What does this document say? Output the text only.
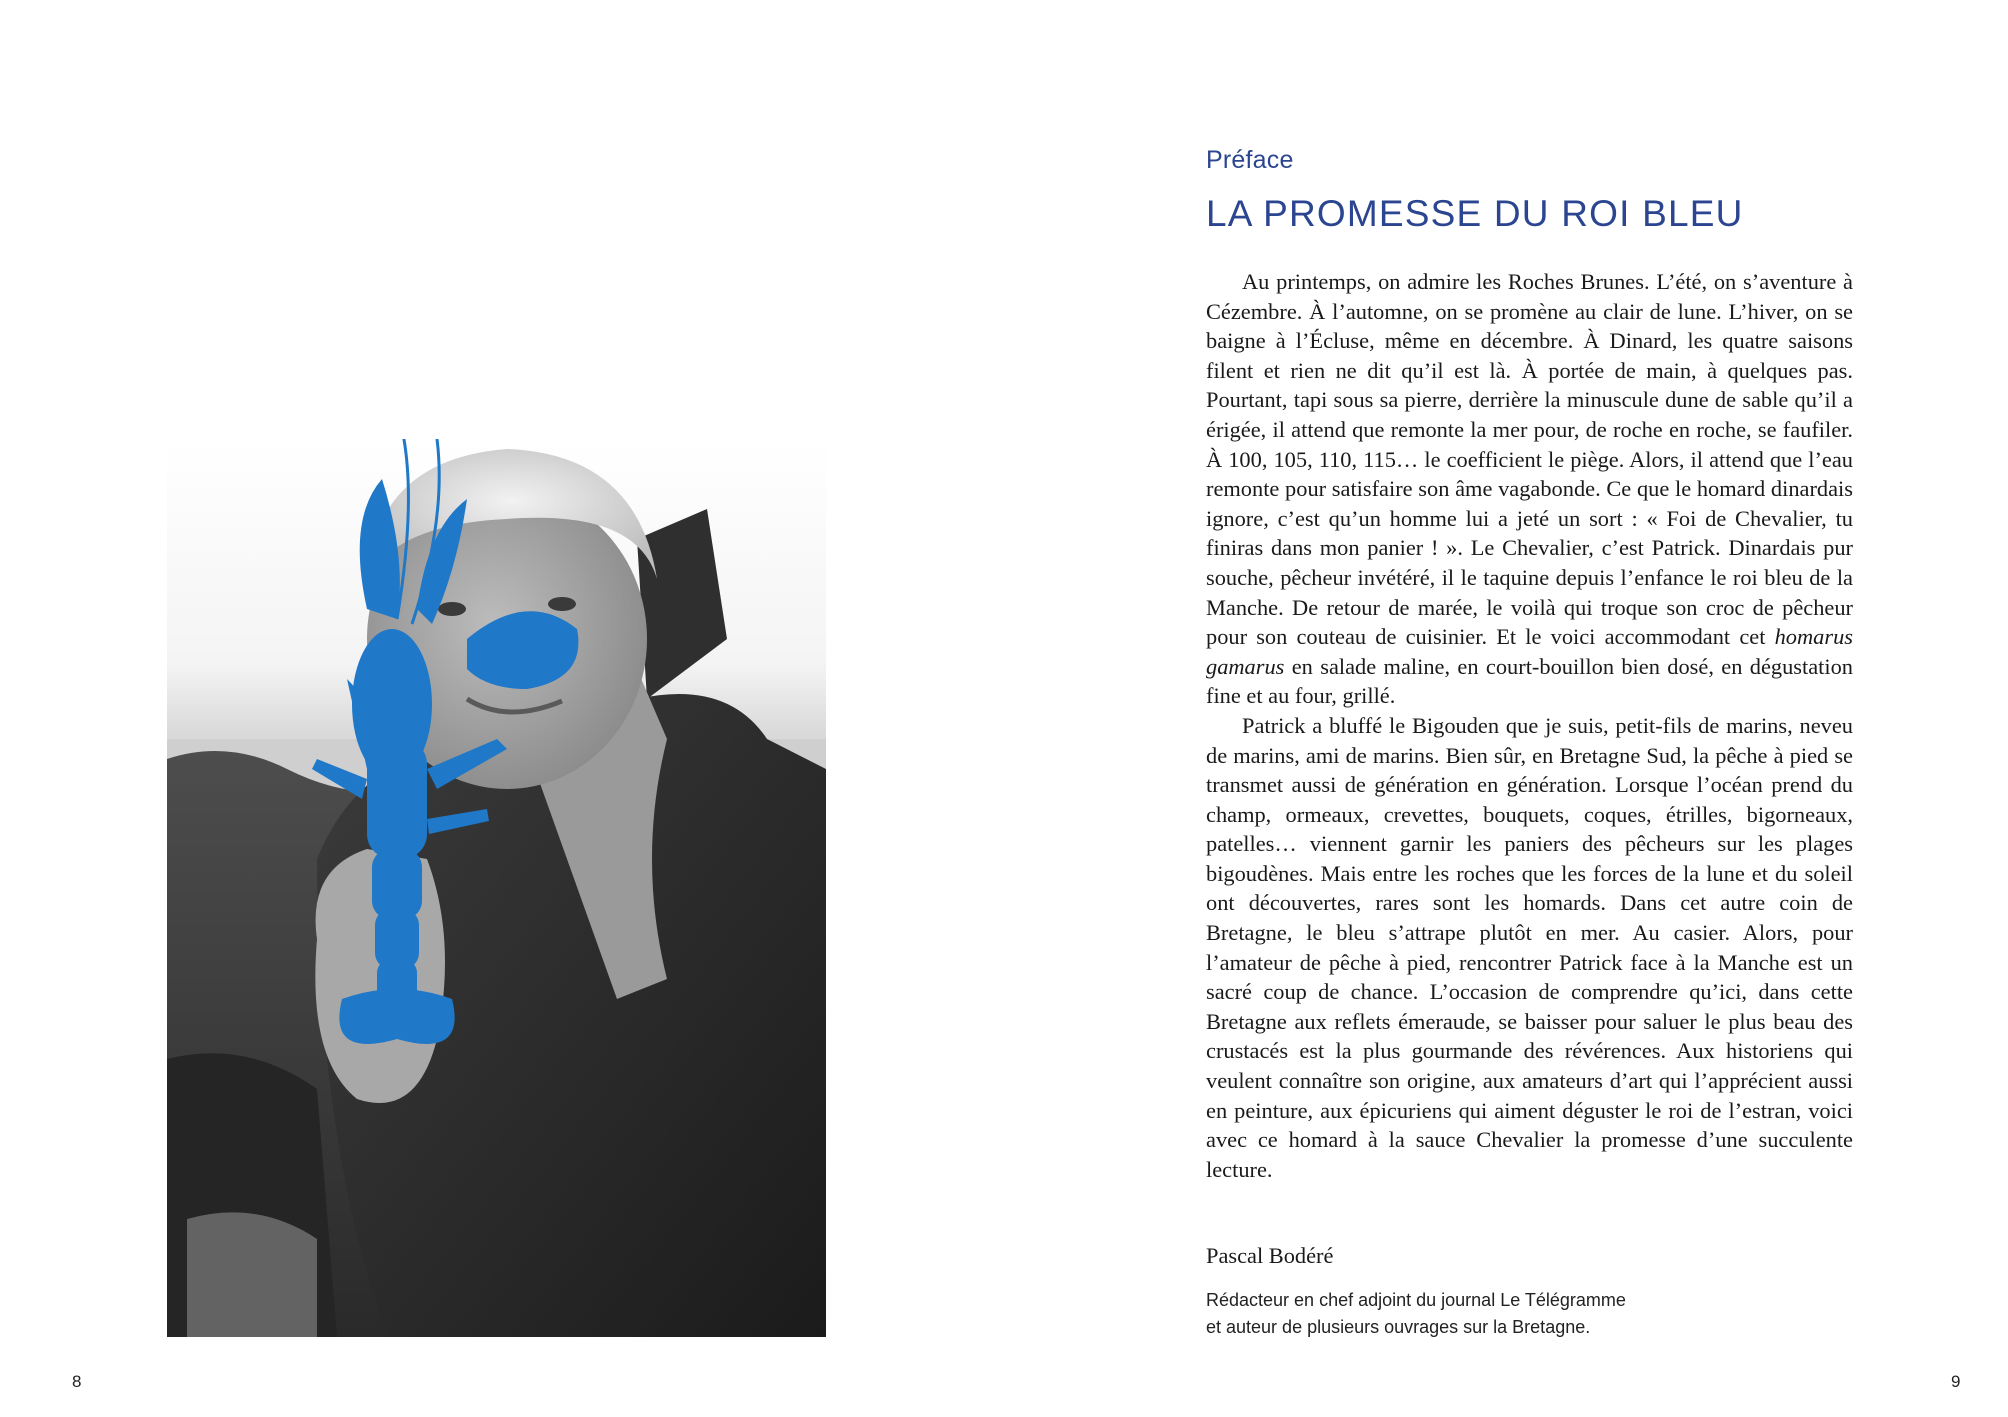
8
Préface
LA PROMESSE DU ROI BLEU

Au printemps, on admire les Roches Brunes. L’été, on s’aventure à Cézembre. À l’automne, on se promène au clair de lune. L’hiver, on se baigne à l’Écluse, même en décembre. À Dinard, les quatre saisons filent et rien ne dit qu’il est là. À portée de main, à quelques pas. Pourtant, tapi sous sa pierre, derrière la minuscule dune de sable qu’il a érigée, il attend que remonte la mer pour, de roche en roche, se faufiler. À 100, 105, 110, 115… le coefficient le piège. Alors, il attend que l’eau remonte pour satisfaire son âme vagabonde. Ce que le homard dinardais ignore, c’est qu’un homme lui a jeté un sort : « Foi de Chevalier, tu finiras dans mon panier ! ». Le Chevalier, c’est Patrick. Dinardais pur souche, pêcheur invétéré, il le taquine depuis l’enfance le roi bleu de la Manche. De retour de marée, le voilà qui troque son croc de pêcheur pour son couteau de cuisinier. Et le voici accommodant cet homarus gamarus en salade maline, en court-bouillon bien dosé, en dégustation fine et au four, grillé.

Patrick a bluffé le Bigouden que je suis, petit-fils de marins, neveu de marins, ami de marins. Bien sûr, en Bretagne Sud, la pêche à pied se transmet aussi de génération en génération. Lorsque l’océan prend du champ, ormeaux, crevettes, bouquets, coques, étrilles, bigorneaux, patelles… viennent garnir les paniers des pêcheurs sur les plages bigoudènes. Mais entre les roches que les forces de la lune et du soleil ont découvertes, rares sont les homards. Dans cet autre coin de Bretagne, le bleu s’attrape plutôt en mer. Au casier. Alors, pour l’amateur de pêche à pied, rencontrer Patrick face à la Manche est un sacré coup de chance. L’occasion de comprendre qu’ici, dans cette Bretagne aux reflets émeraude, se baisser pour saluer le plus beau des crustacés est la plus gourmande des révérences. Aux historiens qui veulent connaître son origine, aux amateurs d’art qui l’apprécient aussi en peinture, aux épicuriens qui aiment déguster le roi de l’estran, voici avec ce homard à la sauce Chevalier la promesse d’une succulente lecture.

Pascal Bodéré
Rédacteur en chef adjoint du journal Le Télégramme
et auteur de plusieurs ouvrages sur la Bretagne.
9
